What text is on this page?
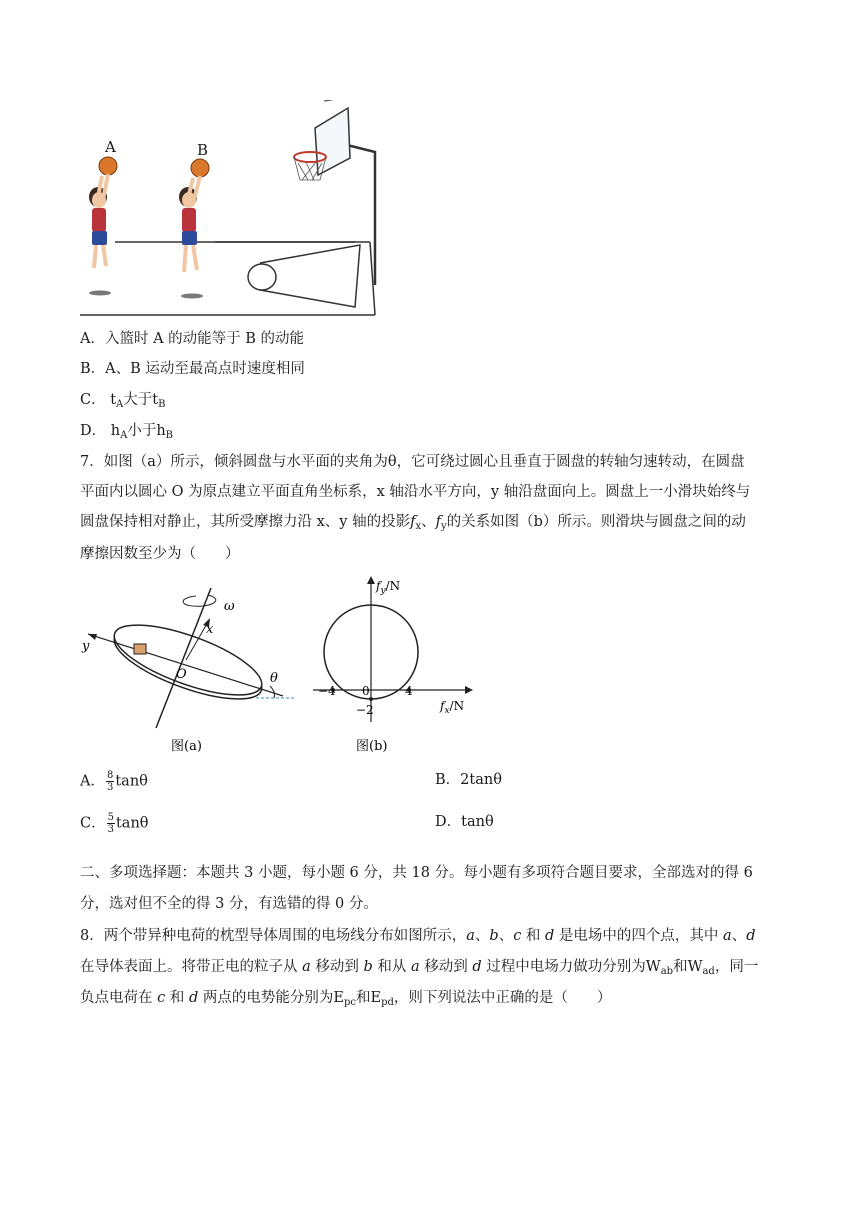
A	B
A．入篮时 A 的动能等于 B 的动能
B．A、B 运动至最高点时速度相同
C． $t_A$大于$t_B$
D． $h_A$小于$h_B$
7．如图（a）所示，倾斜圆盘与水平面的夹角为θ，它可绕过圆心且垂直于圆盘的转轴匀速转动，在圆盘
平面内以圆心 O 为原点建立平面直角坐标系，x 轴沿水平方向，y 轴沿盘面向上。圆盘上一小滑块始终与
圆盘保持相对静止，其所受摩擦力沿 x、y 轴的投影$f_x$、$f_y$的关系如图（b）所示。则滑块与圆盘之间的动
摩擦因数至少为（　　）
ω
x
y
O	θ
图(a)
$f_y/N$
$f_x/N$
−4 0	4
−2
图(b)
A． $\frac{8}{3}$ tanθ	B．2tanθ
C． $\frac{5}{3}$ tanθ	D．tanθ
二、多项选择题：本题共 3 小题，每小题 6 分，共 18 分。每小题有多项符合题目要求，全部选对的得 6
分，选对但不全的得 3 分，有选错的得 0 分。
8．两个带异种电荷的枕型导体周围的电场线分布如图所示，a、b、c 和 d 是电场中的四个点，其中 a、d
在导体表面上。将带正电的粒子从 a 移动到 b 和从 a 移动到 d 过程中电场力做功分别为$W_{ab}$和$W_{ad}$，同一
负点电荷在 c 和 d 两点的电势能分别为$E_{pc}$和$E_{pd}$，则下列说法中正确的是（　　）
